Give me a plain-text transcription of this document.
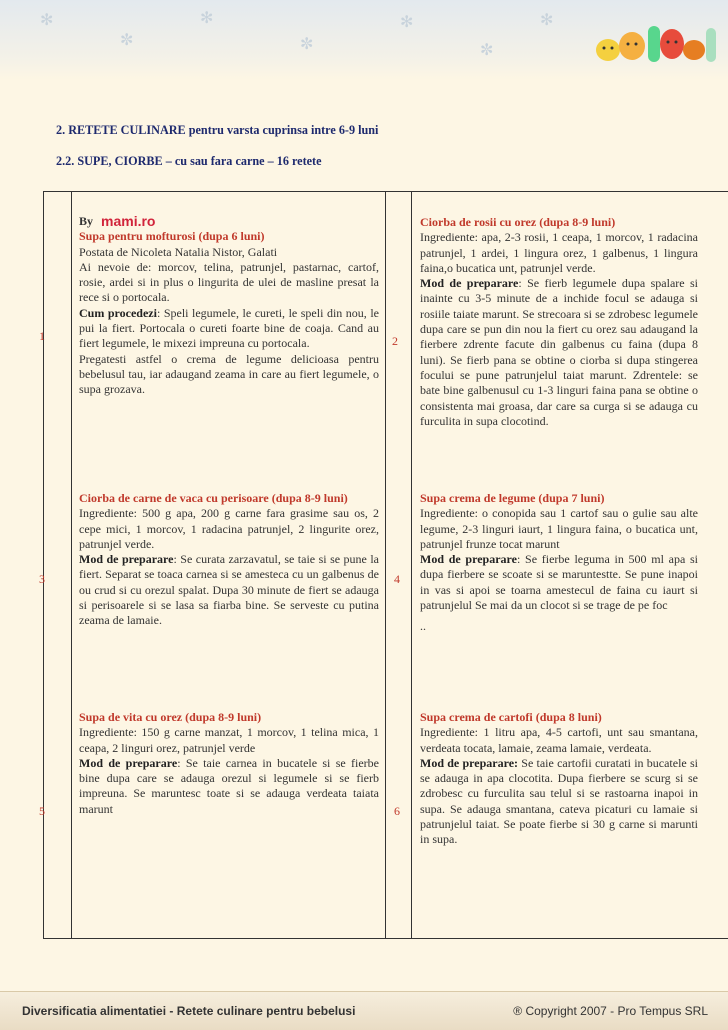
✻
✼
✻
✼
✻
✼
✻
2. RETETE CULINARE pentru varsta cuprinsa intre 6-9 luni
2.2. SUPE, CIORBE – cu sau fara carne – 16 retete
1
By mami.ro

Supa pentru mofturosi (dupa 6 luni)

Postata de Nicoleta Natalia Nistor, Galati

Ai nevoie de: morcov, telina, patrunjel, pastarnac, cartof, rosie, ardei si in plus o lingurita de ulei de masline presat la rece si o portocala.

Cum procedezi: Speli legumele, le cureti, le speli din nou, le pui la fiert. Portocala o cureti foarte bine de coaja. Cand au fiert legumele, le mixezi impreuna cu portocala.

Pregatesti astfel o crema de legume delicioasa pentru bebelusul tau, iar adaugand zeama in care au fiert legumele, o supa grozava.

2

Ciorba de rosii cu orez (dupa 8-9 luni)

Ingrediente: apa, 2-3 rosii, 1 ceapa, 1 morcov, 1 radacina patrunjel, 1 ardei, 1 lingura orez, 1 galbenus, 1 lingura faina,o bucatica unt, patrunjel verde.

Mod de preparare: Se fierb legumele dupa spalare si inainte cu 3-5 minute de a inchide focul se adauga si rosiile taiate marunt. Se strecoara si se zdrobesc legumele dupa care se pun din nou la fiert cu orez sau adaugand la fierbere zdrente facute din galbenus cu faina (dupa 8 luni). Se fierb pana se obtine o ciorba si dupa stingerea focului se pune patrunjelul taiat marunt. Zdrentele: se bate bine galbenusul cu 1-3 linguri faina pana se obtine o consistenta mai groasa, dar care sa curga si se adauga cu furculita in supa clocotind.

3

Ciorba de carne de vaca cu perisoare (dupa 8-9 luni)

Ingrediente: 500 g apa, 200 g carne fara grasime sau os, 2 cepe mici, 1 morcov, 1 radacina patrunjel, 2 lingurite orez, patrunjel verde.

Mod de preparare: Se curata zarzavatul, se taie si se pune la fiert. Separat se toaca carnea si se amesteca cu un galbenus de ou crud si cu orezul spalat. Dupa 30 minute de fiert se adauga si perisoarele si se lasa sa fiarba bine. Se serveste cu putina zeama de lamaie.

4

Supa crema de legume (dupa 7 luni)

Ingrediente: o conopida sau 1 cartof sau o gulie sau alte legume, 2-3 linguri iaurt, 1 lingura faina, o bucatica unt, patrunjel frunze tocat marunt

Mod de preparare: Se fierbe leguma in 500 ml apa si dupa fierbere se scoate si se maruntestte. Se pune inapoi in vas si apoi se toarna amestecul de faina cu iaurt si patrunjelul Se mai da un clocot si se trage de pe foc

..

5

Supa de vita cu orez (dupa 8-9 luni)

Ingrediente: 150 g carne manzat, 1 morcov, 1 telina mica, 1 ceapa, 2 linguri orez, patrunjel verde

Mod de preparare: Se taie carnea in bucatele si se fierbe bine dupa care se adauga orezul si legumele si se fierb impreuna. Se maruntesc toate si se adauga verdeata taiata marunt	6

Supa crema de cartofi (dupa 8 luni)

Ingrediente: 1 litru apa, 4-5 cartofi, unt sau smantana, verdeata tocata, lamaie, zeama lamaie, verdeata.

Mod de preparare: Se taie cartofii curatati in bucatele si se adauga in apa clocotita. Dupa fierbere se scurg si se zdrobesc cu furculita sau telul si se rastoarna inapoi in supa. Se adauga smantana, cateva picaturi cu lamaie si patrunjelul taiat. Se poate fierbe si 30 g carne si marunti in supa.

Diversificatia alimentatiei - Retete culinare pentru bebelusi	® Copyright 2007 - Pro Tempus SRL
